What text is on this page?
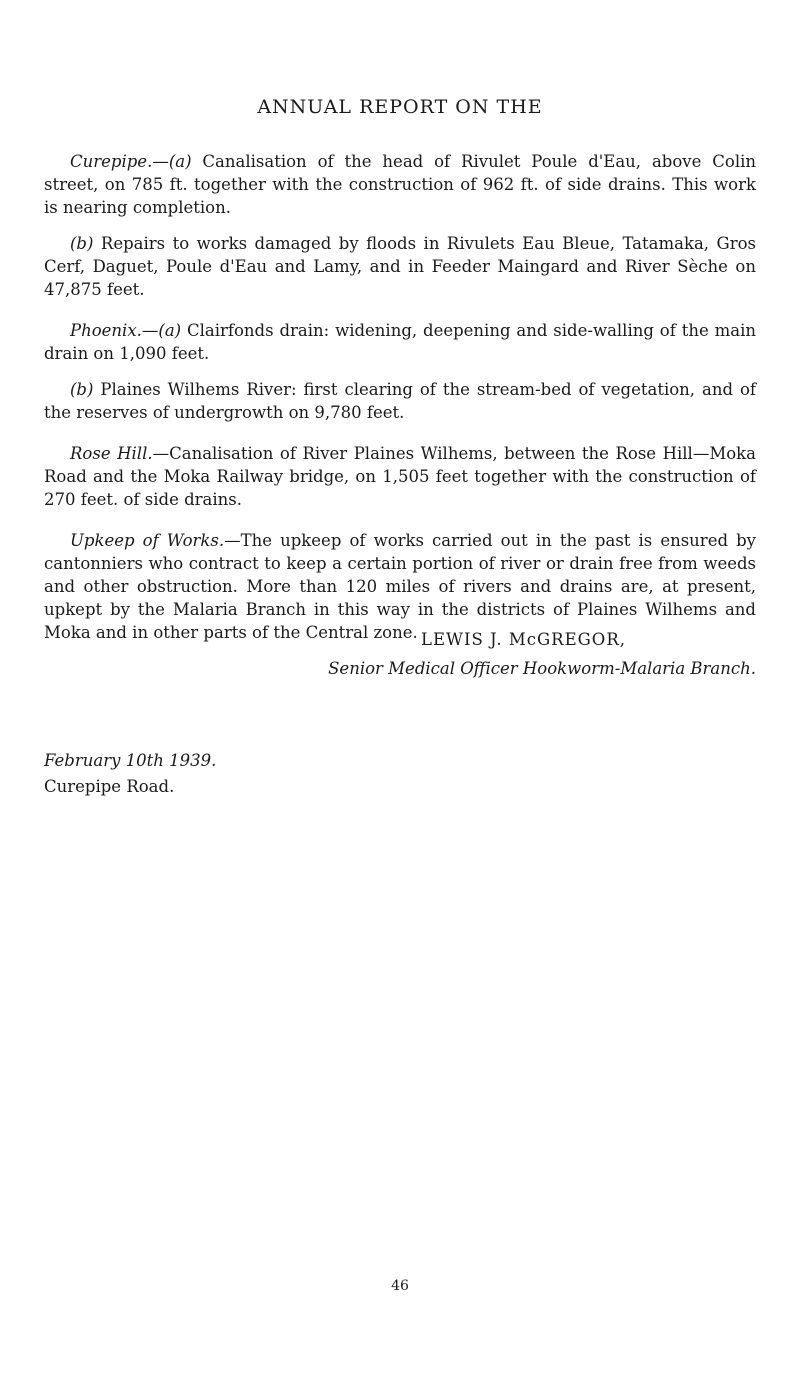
ANNUAL REPORT ON THE

Curepipe.—(a) Canalisation of the head of Rivulet Poule d'Eau, above Colin street, on 785 ft. together with the construction of 962 ft. of side drains. This work is nearing completion.

(b) Repairs to works damaged by floods in Rivulets Eau Bleue, Tatamaka, Gros Cerf, Daguet, Poule d'Eau and Lamy, and in Feeder Maingard and River Sèche on 47,875 feet.

Phoenix.—(a) Clairfonds drain: widening, deepening and side-walling of the main drain on 1,090 feet.

(b) Plaines Wilhems River: first clearing of the stream-bed of vegetation, and of the reserves of undergrowth on 9,780 feet.

Rose Hill.—Canalisation of River Plaines Wilhems, between the Rose Hill—Moka Road and the Moka Railway bridge, on 1,505 feet together with the construction of 270 feet. of side drains.

Upkeep of Works.—The upkeep of works carried out in the past is ensured by cantonniers who contract to keep a certain portion of river or drain free from weeds and other obstruction. More than 120 miles of rivers and drains are, at present, upkept by the Malaria Branch in this way in the districts of Plaines Wilhems and Moka and in other parts of the Central zone. LEWIS J. McGREGOR,
Senior Medical Officer Hookworm-Malaria Branch.
February 10th 1939.
Curepipe Road.
46
